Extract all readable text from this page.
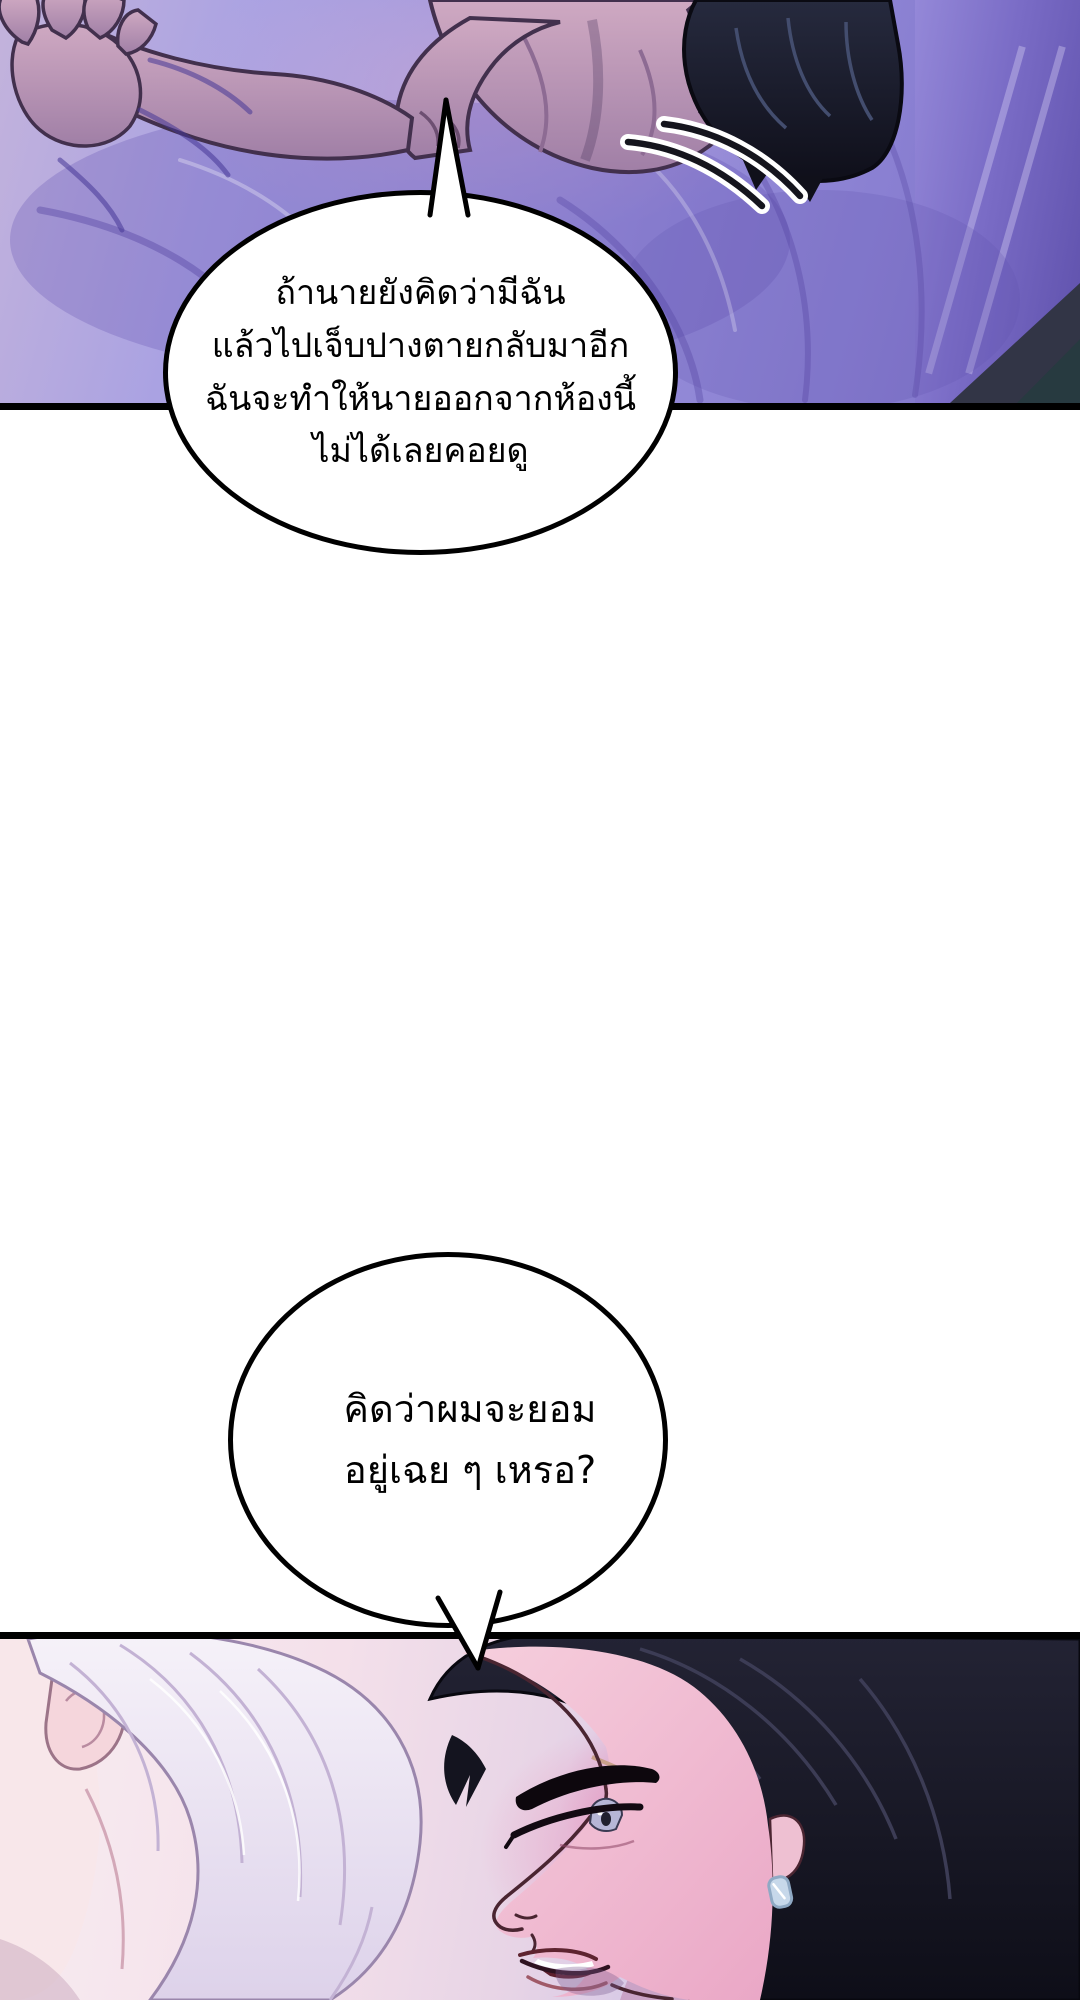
ถ้านายยังคิดว่ามีฉัน
แล้วไปเจ็บปางตายกลับมาอีก
ฉันจะทำให้นายออกจากห้องนี้
ไม่ได้เลยคอยดู
คิดว่าผมจะยอม
อยู่เฉย ๆ เหรอ?
